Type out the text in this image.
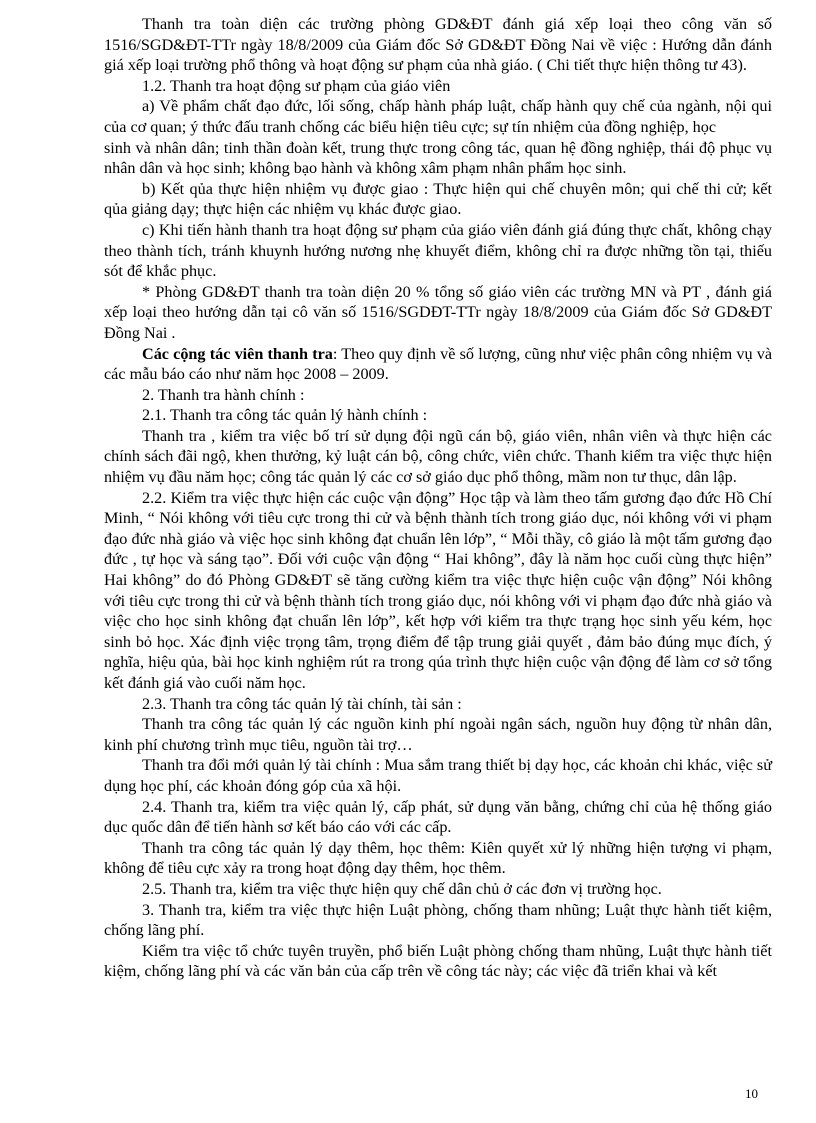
Thanh tra toàn diện các trường phòng GD&ĐT đánh giá xếp loại theo công văn số 1516/SGD&ĐT-TTr ngày 18/8/2009 của Giám đốc Sở GD&ĐT Đồng Nai về việc : Hướng dẫn đánh giá xếp loại trường phổ thông và hoạt động sư phạm của nhà giáo. ( Chi tiết thực hiện thông tư 43).

1.2. Thanh tra hoạt động sư phạm của giáo viên

a) Về phẩm chất đạo đức, lối sống, chấp hành pháp luật, chấp hành quy chế của ngành, nội qui của cơ quan; ý thức đấu tranh chống các biểu hiện tiêu cực; sự tín nhiệm của đồng nghiệp, học

sinh và nhân dân; tinh thần đoàn kết, trung thực trong công tác, quan hệ đồng nghiệp, thái độ phục vụ nhân dân và học sinh; không bạo hành và không xâm phạm nhân phẩm học sinh.

b) Kết qủa thực hiện nhiệm vụ được giao : Thực hiện qui chế chuyên môn; qui chế thi cử; kết qủa giảng dạy; thực hiện các nhiệm vụ khác được giao.

c) Khi tiến hành thanh tra hoạt động sư phạm của giáo viên đánh giá đúng thực chất, không chạy theo thành tích, tránh khuynh hướng nương nhẹ khuyết điểm, không chỉ ra được những tồn tại, thiếu sót để khắc phục.

* Phòng GD&ĐT thanh tra toàn diện 20 % tổng số giáo viên các trường MN và PT , đánh giá xếp loại theo hướng dẫn tại cô văn số 1516/SGDĐT-TTr ngày 18/8/2009 của Giám đốc Sở GD&ĐT Đồng Nai .

Các cộng tác viên thanh tra: Theo quy định về số lượng, cũng như việc phân công nhiệm vụ và các mẫu báo cáo như năm học 2008 – 2009.

2. Thanh tra hành chính :

2.1. Thanh tra công tác quản lý hành chính :

Thanh tra , kiểm tra việc bố trí sử dụng đội ngũ cán bộ, giáo viên, nhân viên và thực hiện các chính sách đãi ngộ, khen thưởng, kỷ luật cán bộ, công chức, viên chức. Thanh kiểm tra việc thực hiện nhiệm vụ đầu năm học; công tác quản lý các cơ sở giáo dục phổ thông, mầm non tư thục, dân lập.

2.2. Kiểm tra việc thực hiện các cuộc vận động” Học tập và làm theo tấm gương đạo đức Hồ Chí Minh, “ Nói không với tiêu cực trong thi cử và bệnh thành tích trong giáo dục, nói không với vi phạm đạo đức nhà giáo và việc học sinh không đạt chuẩn lên lớp”, “ Mỗi thầy, cô giáo là một tấm gương đạo đức , tự học và sáng tạo”. Đối với cuộc vận động “ Hai không”, đây là năm học cuối cùng thực hiện” Hai không” do đó Phòng GD&ĐT sẽ tăng cường kiểm tra việc thực hiện cuộc vận động” Nói không với tiêu cực trong thi cử và bệnh thành tích trong giáo dục, nói không với vi phạm đạo đức nhà giáo và việc cho học sinh không đạt chuẩn lên lớp”, kết hợp với kiểm tra thực trạng học sinh yếu kém, học sinh bỏ học. Xác định việc trọng tâm, trọng điểm để tập trung giải quyết , đảm bảo đúng mục đích, ý nghĩa, hiệu qủa, bài học kinh nghiệm rút ra trong qúa trình thực hiện cuộc vận động để làm cơ sở tổng kết đánh giá vào cuối năm học.

2.3. Thanh tra công tác quản lý tài chính, tài sản :

Thanh tra công tác quản lý các nguồn kinh phí ngoài ngân sách, nguồn huy động từ nhân dân, kinh phí chương trình mục tiêu, nguồn tài trợ…

Thanh tra đổi mới quản lý tài chính : Mua sắm trang thiết bị dạy học, các khoản chi khác, việc sử dụng học phí, các khoản đóng góp của xã hội.

2.4. Thanh tra, kiểm tra việc quản lý, cấp phát, sử dụng văn bằng, chứng chỉ của hệ thống giáo dục quốc dân để tiến hành sơ kết báo cáo với các cấp.

Thanh tra công tác quản lý dạy thêm, học thêm: Kiên quyết xử lý những hiện tượng vi phạm, không để tiêu cực xảy ra trong hoạt động dạy thêm, học thêm.

2.5. Thanh tra, kiểm tra việc thực hiện quy chế dân chủ ở các đơn vị trường học.

3. Thanh tra, kiểm tra việc thực hiện Luật phòng, chống tham nhũng; Luật thực hành tiết kiệm, chống lãng phí.

Kiểm tra việc tổ chức tuyên truyền, phổ biến Luật phòng chống tham nhũng, Luật thực hành tiết kiệm, chống lãng phí và các văn bản của cấp trên về công tác này; các việc đã triển khai và kết

10
